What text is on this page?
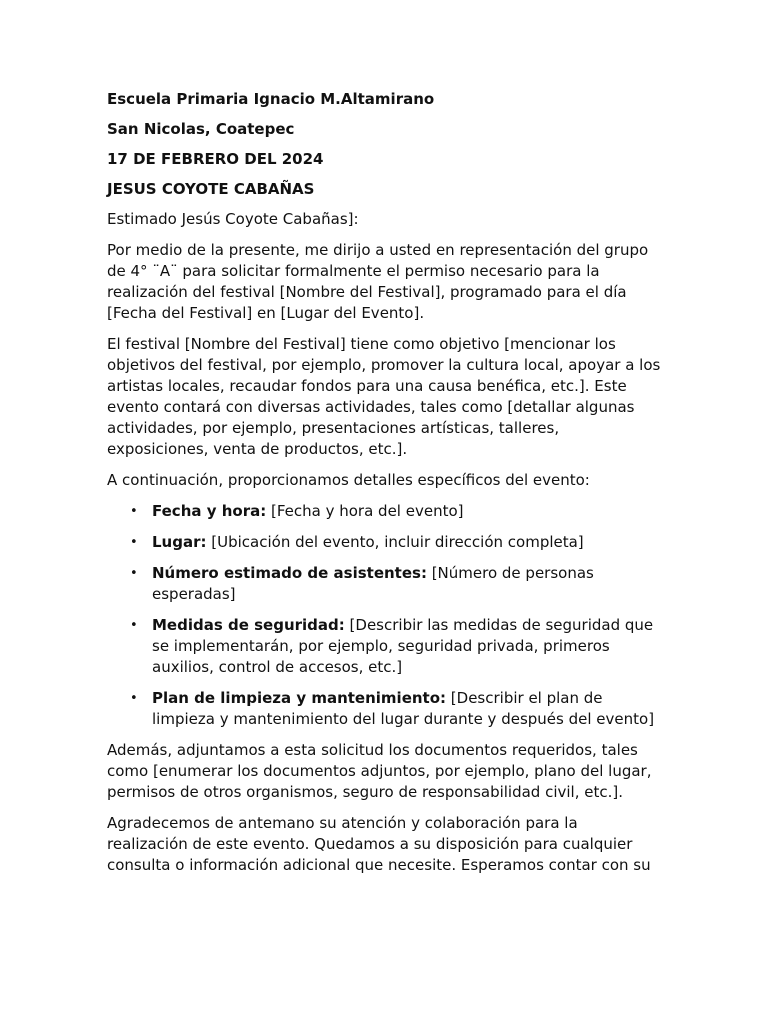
Escuela Primaria Ignacio M.Altamirano
San Nicolas, Coatepec
17 DE FEBRERO DEL 2024
JESUS COYOTE CABAÑAS

Estimado Jesús Coyote Cabañas]:

Por medio de la presente, me dirijo a usted en representación del grupo de 4° ¨A¨ para solicitar formalmente el permiso necesario para la realización del festival [Nombre del Festival], programado para el día [Fecha del Festival] en [Lugar del Evento].

El festival [Nombre del Festival] tiene como objetivo [mencionar los objetivos del festival, por ejemplo, promover la cultura local, apoyar a los artistas locales, recaudar fondos para una causa benéfica, etc.]. Este evento contará con diversas actividades, tales como [detallar algunas actividades, por ejemplo, presentaciones artísticas, talleres, exposiciones, venta de productos, etc.].

A continuación, proporcionamos detalles específicos del evento:

• Fecha y hora: [Fecha y hora del evento]
• Lugar: [Ubicación del evento, incluir dirección completa]
• Número estimado de asistentes: [Número de personas esperadas]
• Medidas de seguridad: [Describir las medidas de seguridad que se implementarán, por ejemplo, seguridad privada, primeros auxilios, control de accesos, etc.]
• Plan de limpieza y mantenimiento: [Describir el plan de limpieza y mantenimiento del lugar durante y después del evento]

Además, adjuntamos a esta solicitud los documentos requeridos, tales como [enumerar los documentos adjuntos, por ejemplo, plano del lugar, permisos de otros organismos, seguro de responsabilidad civil, etc.].

Agradecemos de antemano su atención y colaboración para la realización de este evento. Quedamos a su disposición para cualquier consulta o información adicional que necesite. Esperamos contar con su
